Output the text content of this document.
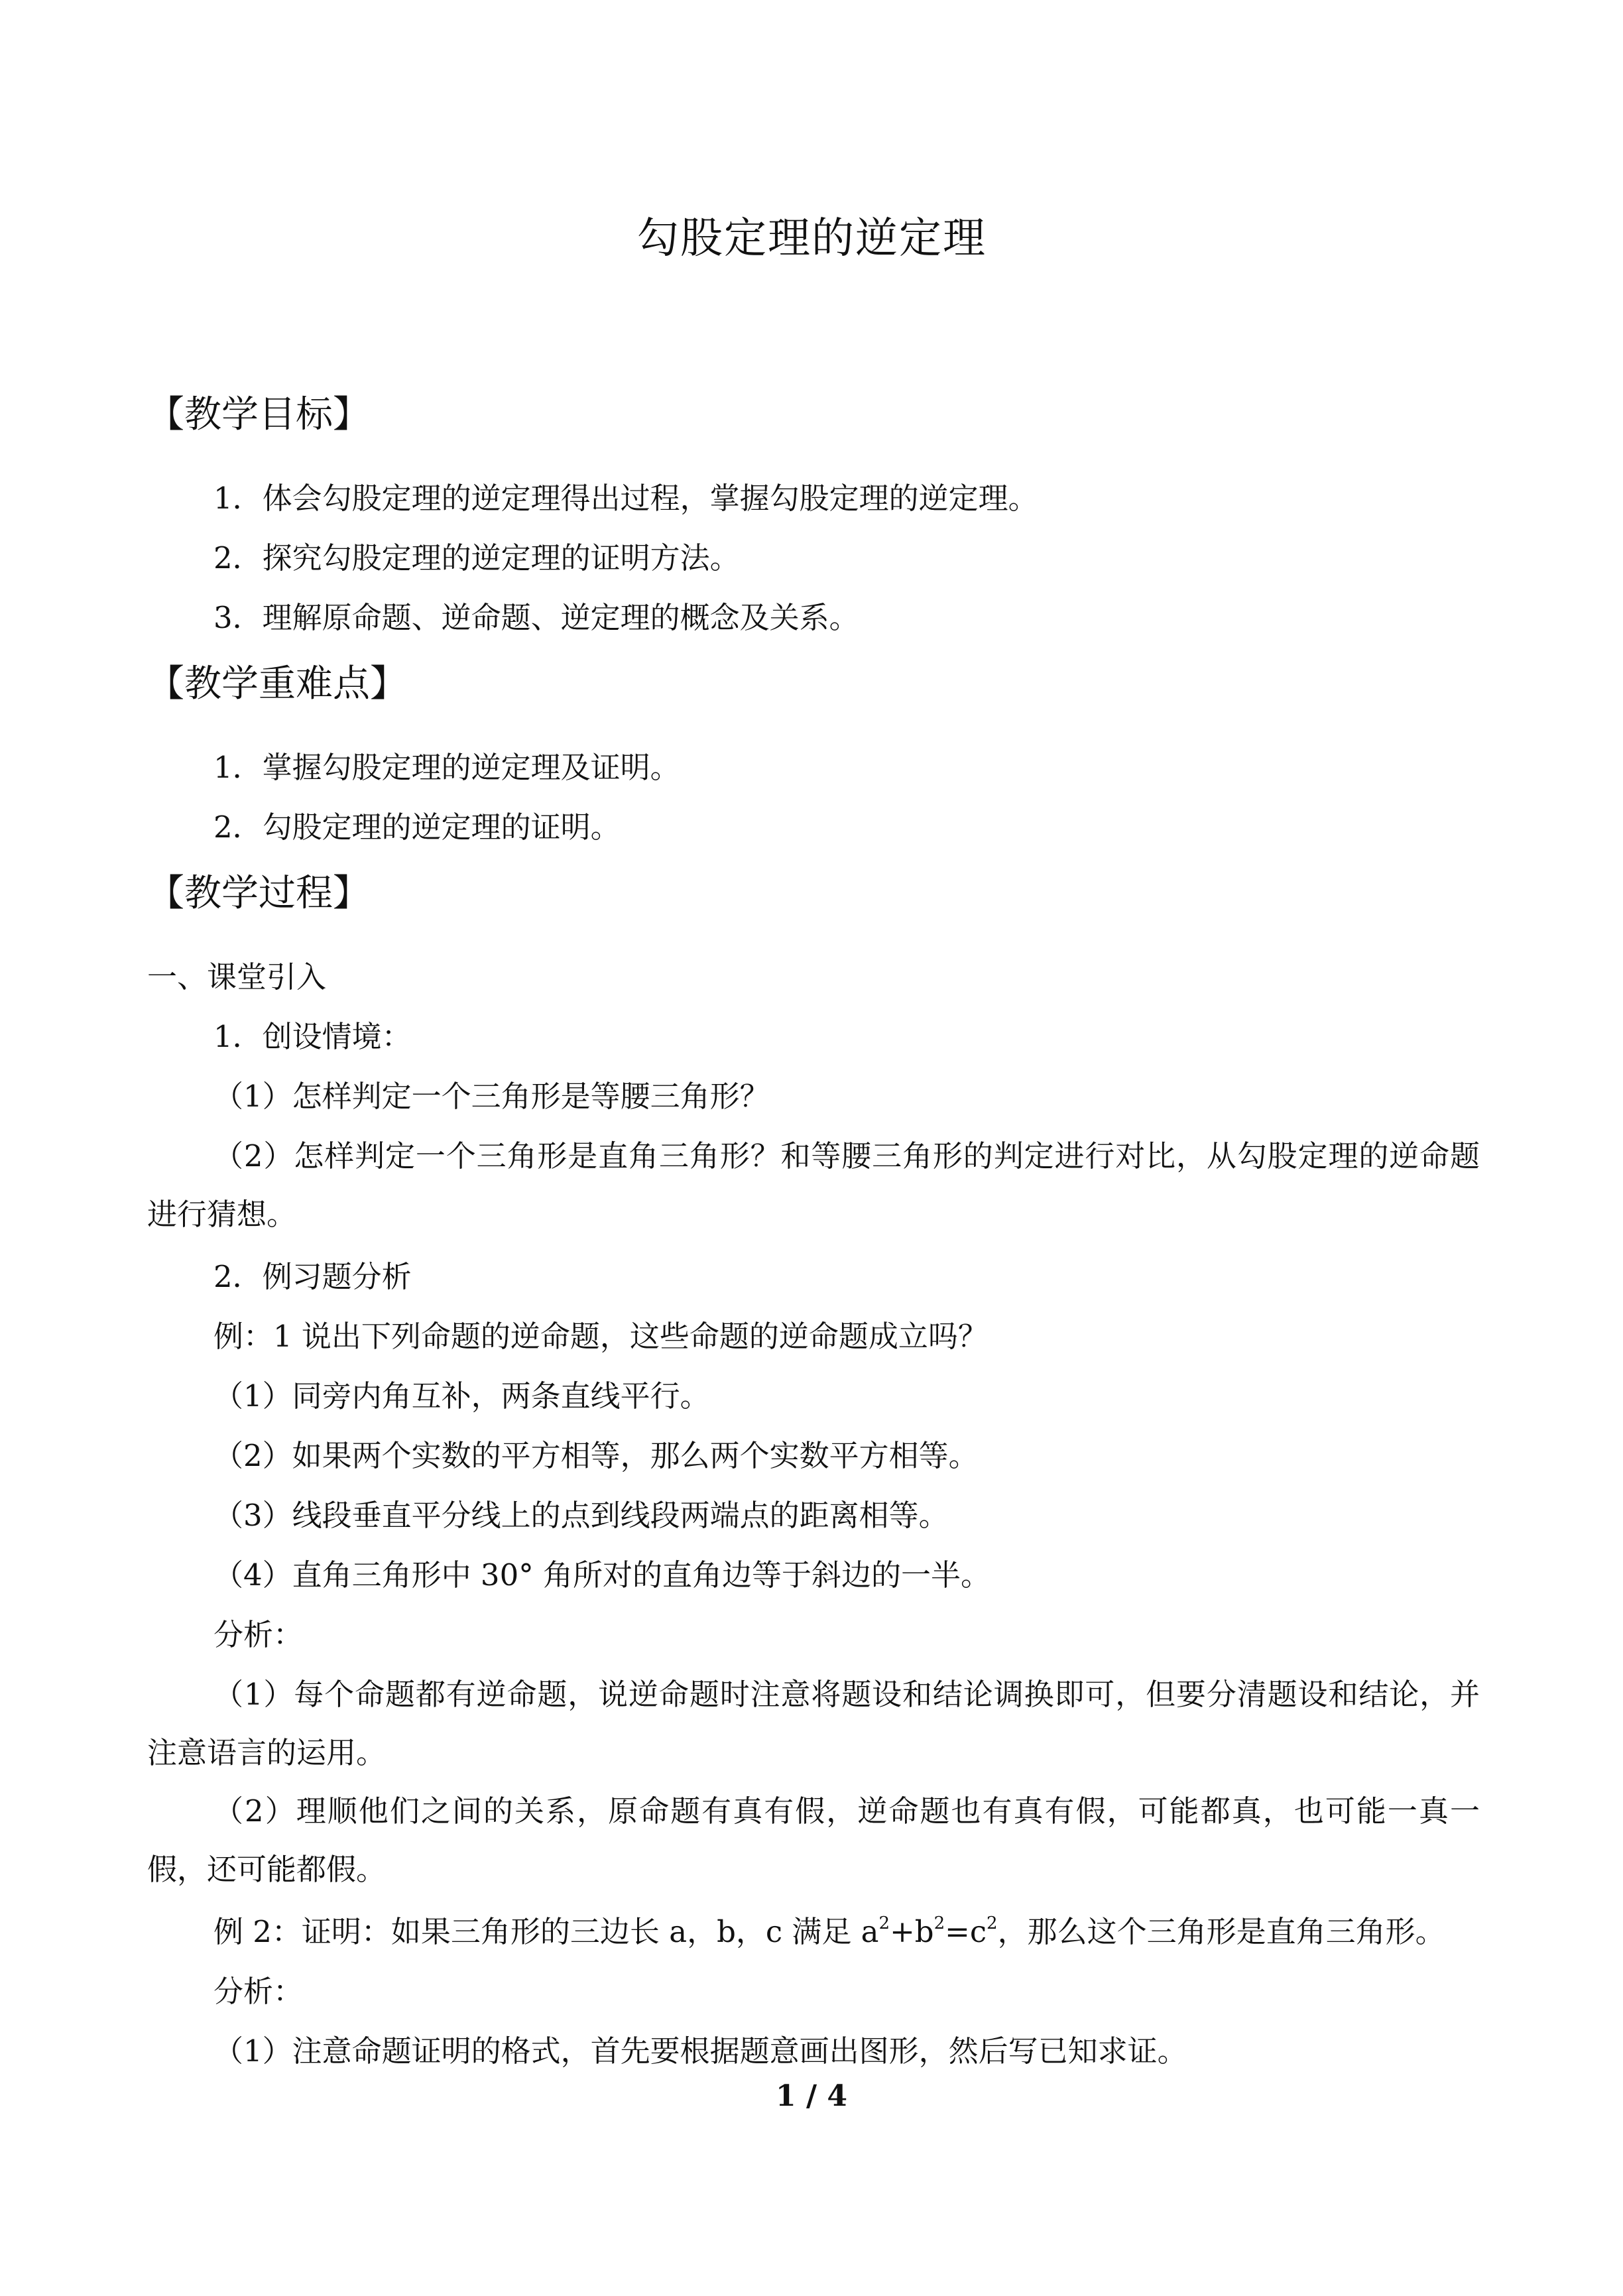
勾股定理的逆定理
【教学目标】
1．体会勾股定理的逆定理得出过程，掌握勾股定理的逆定理。
2．探究勾股定理的逆定理的证明方法。
3．理解原命题、逆命题、逆定理的概念及关系。
【教学重难点】
1．掌握勾股定理的逆定理及证明。
2．勾股定理的逆定理的证明。
【教学过程】
一、课堂引入
1．创设情境：
（1）怎样判定一个三角形是等腰三角形？
（2）怎样判定一个三角形是直角三角形？和等腰三角形的判定进行对比，从勾股定理的逆命题进行猜想。
2．例习题分析
例：1 说出下列命题的逆命题，这些命题的逆命题成立吗？
（1）同旁内角互补，两条直线平行。
（2）如果两个实数的平方相等，那么两个实数平方相等。
（3）线段垂直平分线上的点到线段两端点的距离相等。
（4）直角三角形中 30° 角所对的直角边等于斜边的一半。
分析：
（1）每个命题都有逆命题，说逆命题时注意将题设和结论调换即可，但要分清题设和结论，并注意语言的运用。
（2）理顺他们之间的关系，原命题有真有假，逆命题也有真有假，可能都真，也可能一真一假，还可能都假。
例 2：证明：如果三角形的三边长 a，b，c 满足 $a^2+b^2=c^2$，那么这个三角形是直角三角形。
分析：
（1）注意命题证明的格式，首先要根据题意画出图形，然后写已知求证。
1 / 4
